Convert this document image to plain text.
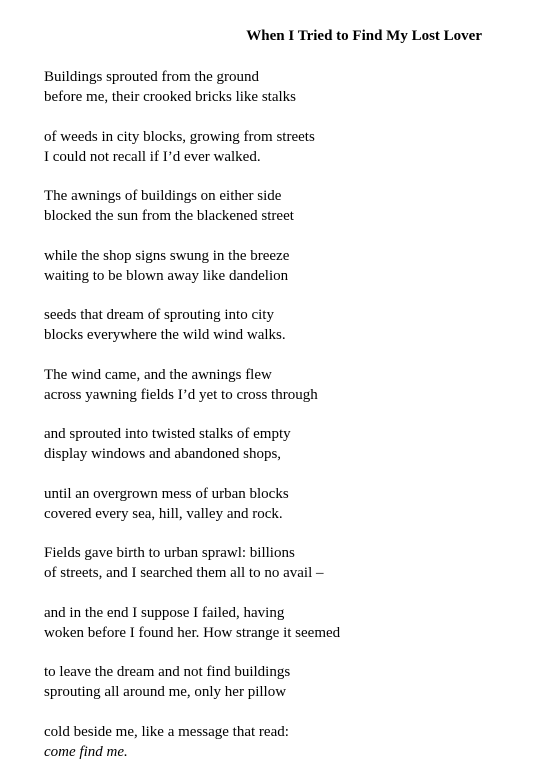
When I Tried to Find My Lost Lover
Buildings sprouted from the ground
before me, their crooked bricks like stalks
of weeds in city blocks, growing from streets
I could not recall if I’d ever walked.
The awnings of buildings on either side
blocked the sun from the blackened street
while the shop signs swung in the breeze
waiting to be blown away like dandelion
seeds that dream of sprouting into city
blocks everywhere the wild wind walks.
The wind came, and the awnings flew
across yawning fields I’d yet to cross through
and sprouted into twisted stalks of empty
display windows and abandoned shops,
until an overgrown mess of urban blocks
covered every sea, hill, valley and rock.
Fields gave birth to urban sprawl: billions
of streets, and I searched them all to no avail –
and in the end I suppose I failed, having
woken before I found her. How strange it seemed
to leave the dream and not find buildings
sprouting all around me, only her pillow
cold beside me, like a message that read:
come find me.
